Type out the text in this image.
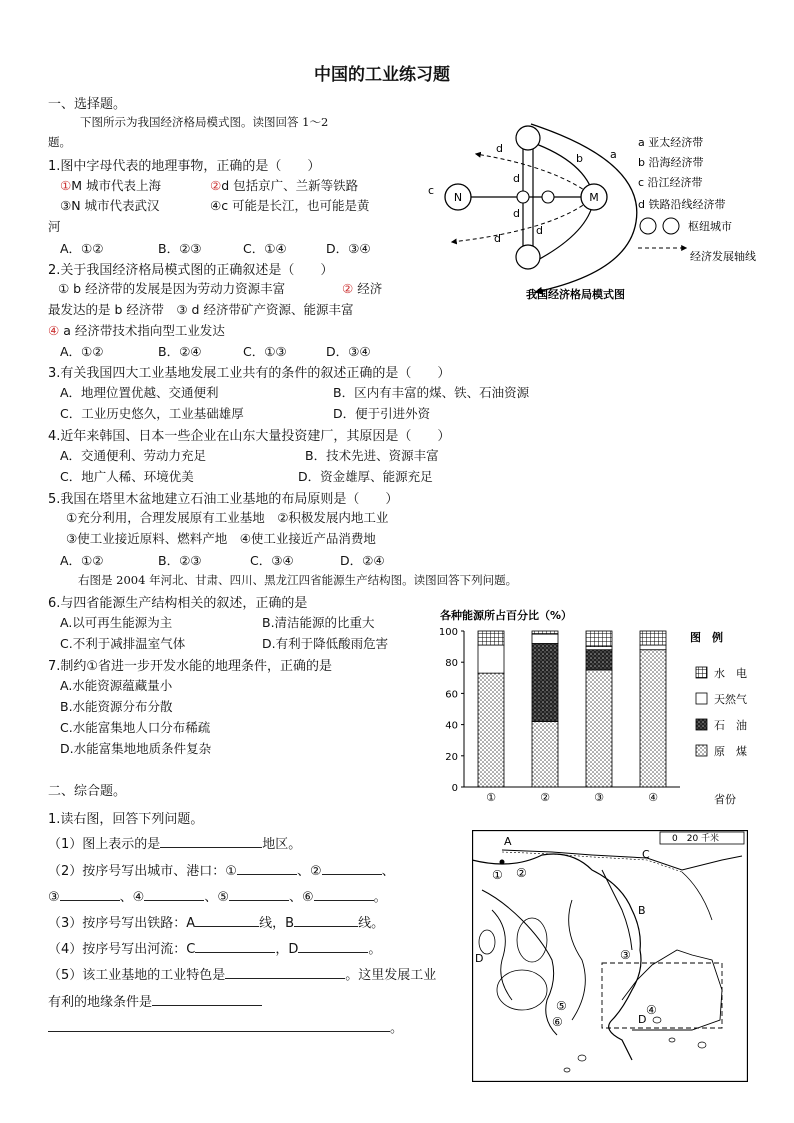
中国的工业练习题
一、选择题。
下图所示为我国经济格局模式图。读图回答 1～2
题。
1.图中字母代表的地理事物，正确的是（　　）
①M 城市代表上海	②d 包括京广、兰新等铁路
③N 城市代表武汉	④c 可能是长江，也可能是黄
河
A．①②	B．②③	C．①④	D．③④
2.关于我国经济格局模式图的正确叙述是（　　）
① b 经济带的发展是因为劳动力资源丰富	② 经济
最发达的是 b 经济带　③ d 经济带矿产资源、能源丰富
④ a 经济带技术指向型工业发达
A．①②	B．②④	C．①③	D．③④
3.有关我国四大工业基地发展工业共有的条件的叙述正确的是（　　）
A．地理位置优越、交通便利	B．区内有丰富的煤、铁、石油资源
C．工业历史悠久，工业基础雄厚	D．便于引进外资
4.近年来韩国、日本一些企业在山东大量投资建厂，其原因是（　　）
A．交通便利、劳动力充足	B．技术先进、资源丰富
C．地广人稀、环境优美	D．资金雄厚、能源充足
5.我国在塔里木盆地建立石油工业基地的布局原则是（　　）
①充分利用，合理发展原有工业基地　②积极发展内地工业
③使工业接近原料、燃料产地　④使工业接近产品消费地
A．①②	B．②③	C．③④	D．②④
右图是 2004 年河北、甘肃、四川、黑龙江四省能源生产结构图。读图回答下列问题。
6.与四省能源生产结构相关的叙述，正确的是
A.以可再生能源为主	B.清洁能源的比重大
C.不利于减排温室气体	D.有利于降低酸雨危害
7.制约①省进一步开发水能的地理条件，正确的是
A.水能资源蕴藏量小
B.水能资源分布分散
C.水能富集地人口分布稀疏
D.水能富集地地质条件复杂
二、综合题。
1.读右图，回答下列问题。
（1）图上表示的是	地区。
（2）按序号写出城市、港口：①	、②	、
③	、④	、⑤	、⑥	。
（3）按序号写出铁路：A	线，B	线。
（4）按序号写出河流：C	，D	。
（5）该工业基地的工业特色是	。这里发展工业
有利的地缘条件是
。
N	M
a
b
c
d
d
d
d
d
我国经济格局模式图
a 亚太经济带
b 沿海经济带
c 沿江经济带
d 铁路沿线经济带
枢纽城市
经济发展轴线
各种能源所占百分比（%）
0
20
40
60
80
100
①	②	③	④
图　例
水　电
天然气
石　油
原　煤
省份
0　20 千米
A
B
C
D
D
① ②
③
④
⑤
⑥
